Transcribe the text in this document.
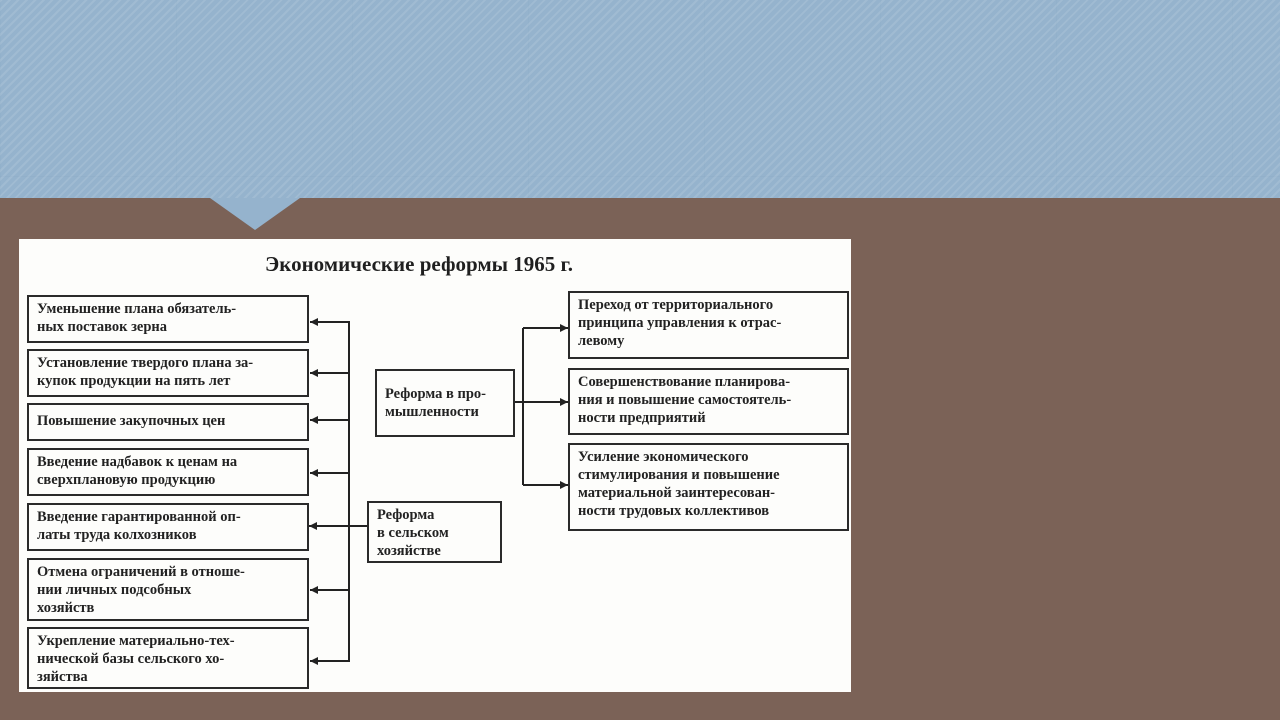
Экономические реформы 1965 г.
Уменьшение плана обязатель-
ных поставок зерна
Установление твердого плана за-
купок продукции на пять лет
Повышение закупочных цен
Введение надбавок к ценам на
сверхплановую продукцию
Введение гарантированной оп-
латы труда колхозников
Отмена ограничений в отноше-
нии личных подсобных
хозяйств
Укрепление материально-тех-
нической базы сельского хо-
зяйства
Реформа в про-
мышленности
Реформа
в сельском
хозяйстве
Переход от территориального
принципа управления к отрас-
левому
Совершенствование планирова-
ния и повышение самостоятель-
ности предприятий
Усиление экономического
стимулирования и повышение
материальной заинтересован-
ности трудовых коллективов
